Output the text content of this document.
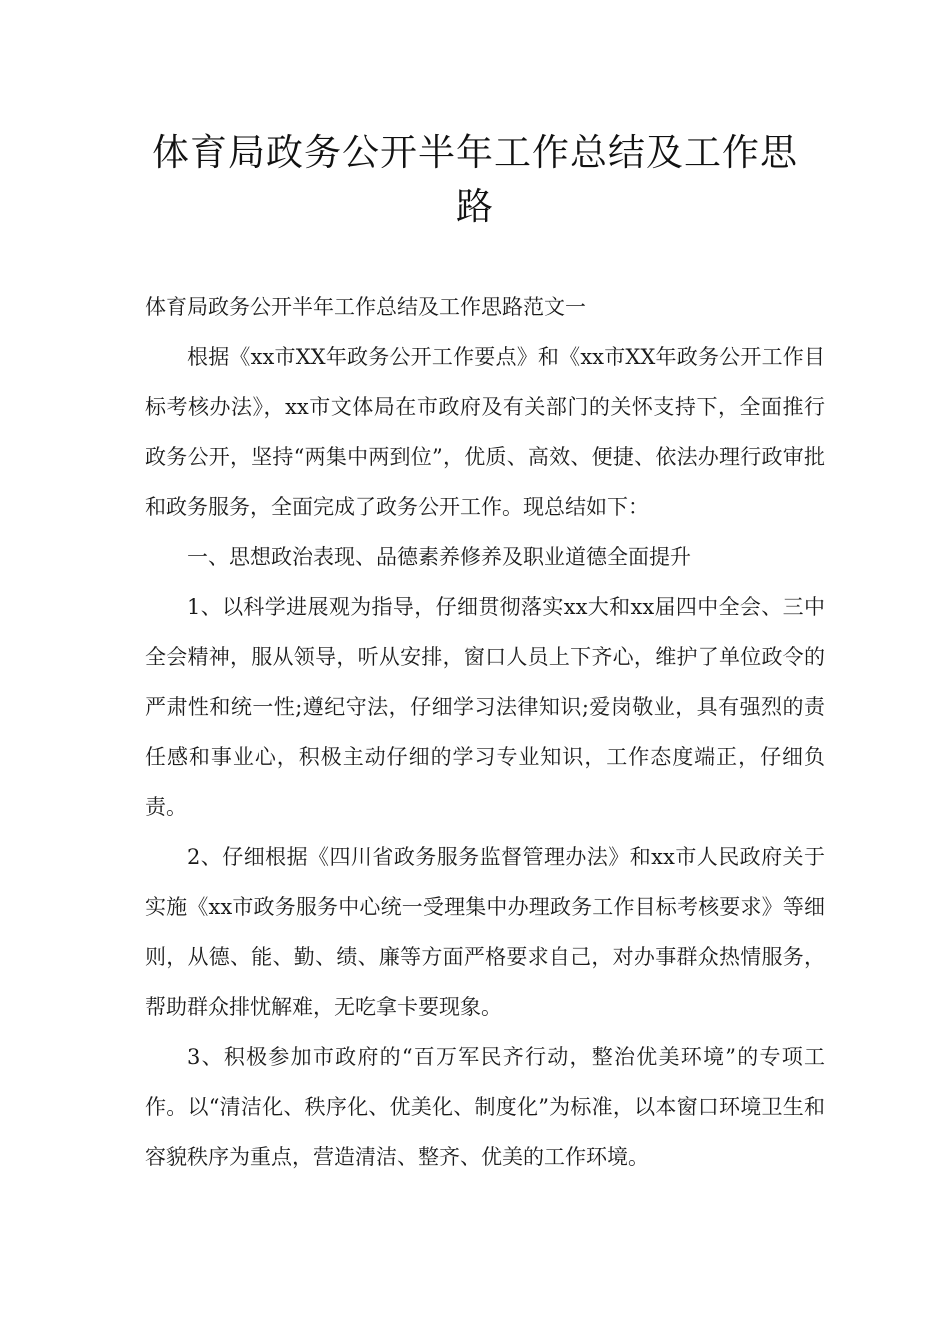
体育局政务公开半年工作总结及工作思路

体育局政务公开半年工作总结及工作思路范文一

根据《xx市XX年政务公开工作要点》和《xx市XX年政务公开工作目标考核办法》，xx市文体局在市政府及有关部门的关怀支持下，全面推行政务公开，坚持“两集中两到位”，优质、高效、便捷、依法办理行政审批和政务服务，全面完成了政务公开工作。现总结如下：

一、思想政治表现、品德素养修养及职业道德全面提升

1、以科学进展观为指导，仔细贯彻落实xx大和xx届四中全会、三中全会精神，服从领导，听从安排，窗口人员上下齐心，维护了单位政令的严肃性和统一性;遵纪守法，仔细学习法律知识;爱岗敬业，具有强烈的责任感和事业心，积极主动仔细的学习专业知识，工作态度端正，仔细负责。

2、仔细根据《四川省政务服务监督管理办法》和xx市人民政府关于实施《xx市政务服务中心统一受理集中办理政务工作目标考核要求》等细则，从德、能、勤、绩、廉等方面严格要求自己，对办事群众热情服务，帮助群众排忧解难，无吃拿卡要现象。

3、积极参加市政府的“百万军民齐行动，整治优美环境”的专项工作。以“清洁化、秩序化、优美化、制度化”为标准，以本窗口环境卫生和容貌秩序为重点，营造清洁、整齐、优美的工作环境。
